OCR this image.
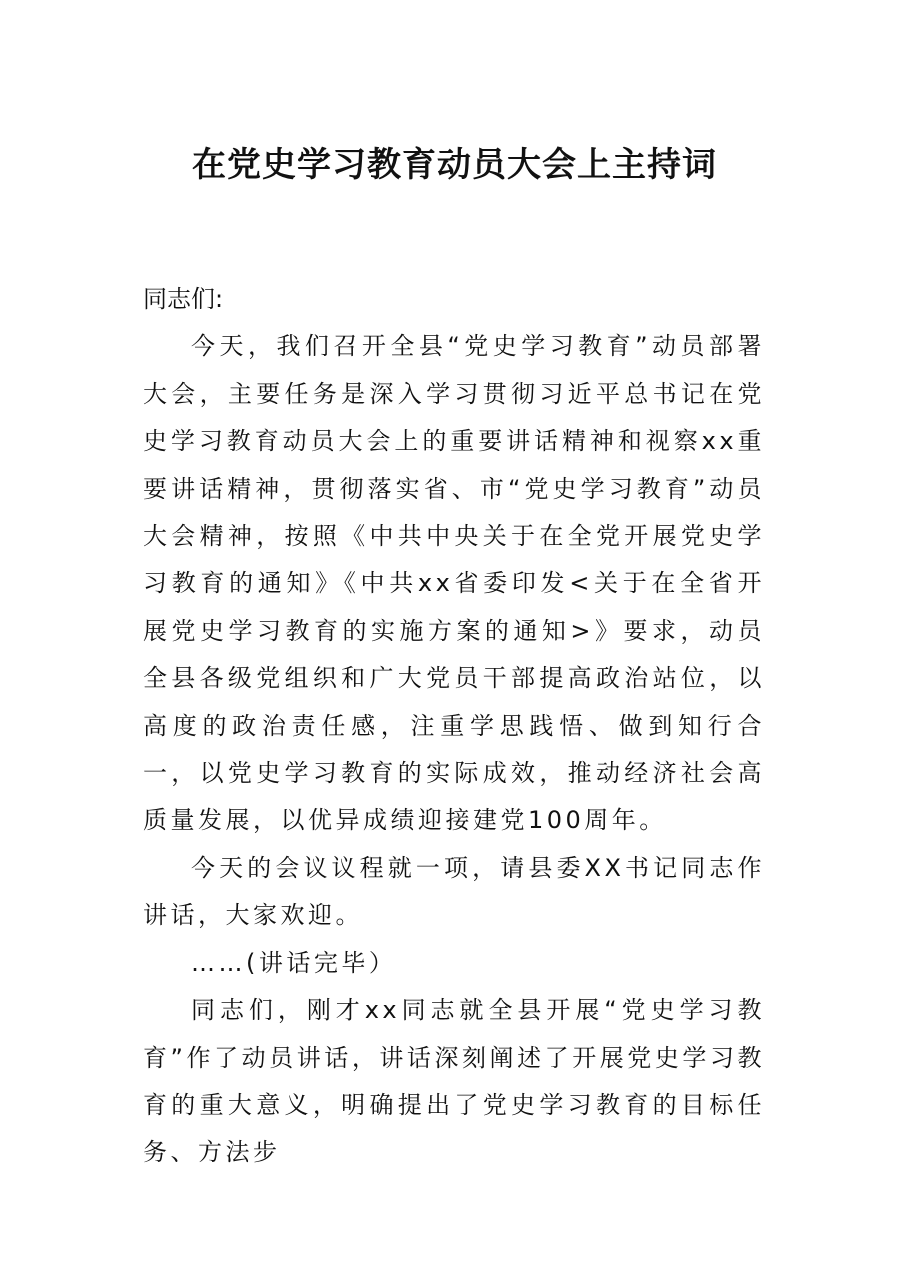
在党史学习教育动员大会上主持词

同志们:

今天，我们召开全县“党史学习教育”动员部署大会，主要任务是深入学习贯彻习近平总书记在党史学习教育动员大会上的重要讲话精神和视察xx重要讲话精神，贯彻落实省、市“党史学习教育”动员大会精神，按照《中共中央关于在全党开展党史学习教育的通知》《中共xx省委印发<关于在全省开展党史学习教育的实施方案的通知>》要求，动员全县各级党组织和广大党员干部提高政治站位，以高度的政治责任感，注重学思践悟、做到知行合一，以党史学习教育的实际成效，推动经济社会高质量发展，以优异成绩迎接建党100周年。

今天的会议议程就一项，请县委XX书记同志作讲话，大家欢迎。

……(讲话完毕）

同志们，刚才xx同志就全县开展“党史学习教育”作了动员讲话，讲话深刻阐述了开展党史学习教育的重大意义，明确提出了党史学习教育的目标任务、方法步
